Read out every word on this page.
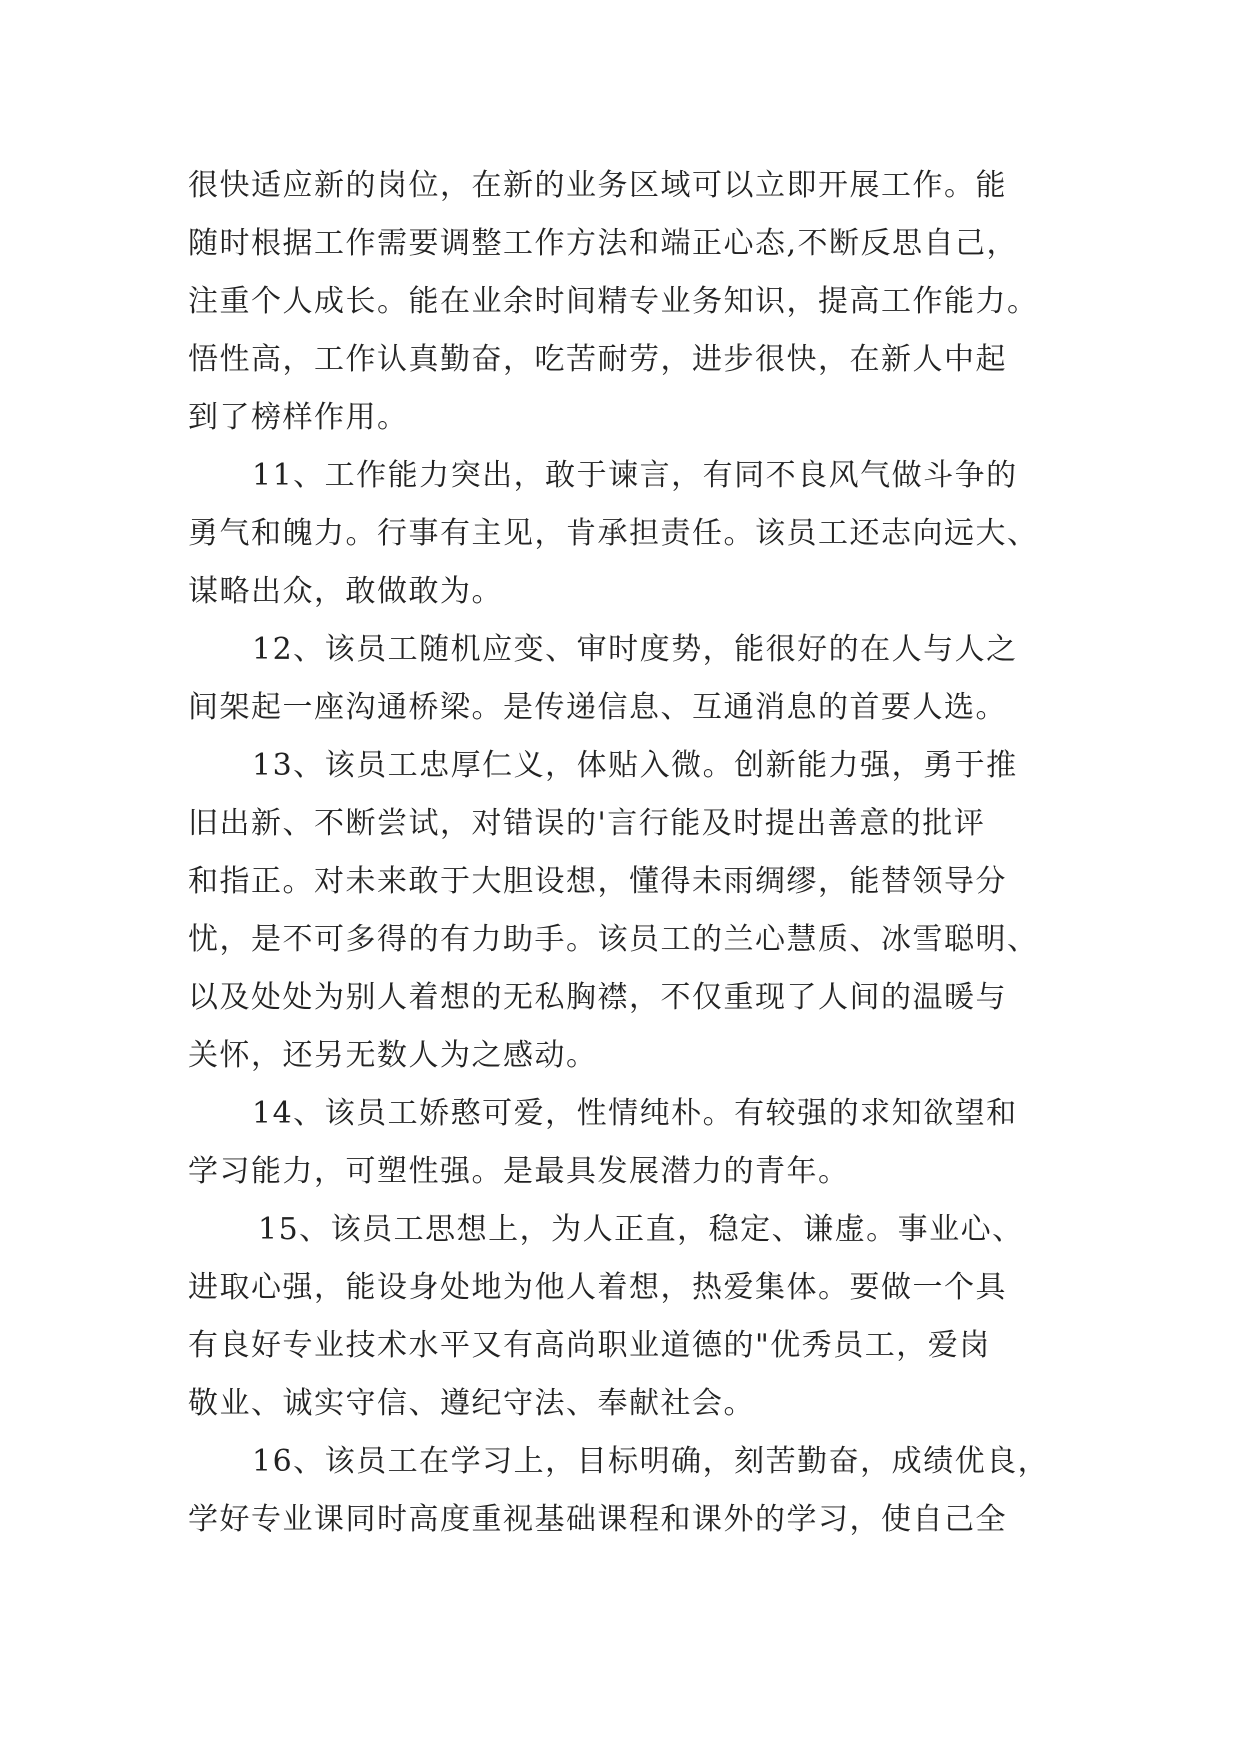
很快适应新的岗位，在新的业务区域可以立即开展工作。能
随时根据工作需要调整工作方法和端正心态,不断反思自己，
注重个人成长。能在业余时间精专业务知识，提高工作能力。
悟性高，工作认真勤奋，吃苦耐劳，进步很快，在新人中起
到了榜样作用。
11、工作能力突出，敢于谏言，有同不良风气做斗争的
勇气和魄力。行事有主见，肯承担责任。该员工还志向远大、
谋略出众，敢做敢为。
12、该员工随机应变、审时度势，能很好的在人与人之
间架起一座沟通桥梁。是传递信息、互通消息的首要人选。
13、该员工忠厚仁义，体贴入微。创新能力强，勇于推
旧出新、不断尝试，对错误的'言行能及时提出善意的批评
和指正。对未来敢于大胆设想，懂得未雨绸缪，能替领导分
忧，是不可多得的有力助手。该员工的兰心慧质、冰雪聪明、
以及处处为别人着想的无私胸襟，不仅重现了人间的温暖与
关怀，还另无数人为之感动。
14、该员工娇憨可爱，性情纯朴。有较强的求知欲望和
学习能力，可塑性强。是最具发展潜力的青年。
15、该员工思想上，为人正直，稳定、谦虚。事业心、
进取心强，能设身处地为他人着想，热爱集体。要做一个具
有良好专业技术水平又有高尚职业道德的"优秀员工，爱岗
敬业、诚实守信、遵纪守法、奉献社会。
16、该员工在学习上，目标明确，刻苦勤奋，成绩优良，
学好专业课同时高度重视基础课程和课外的学习，使自己全
